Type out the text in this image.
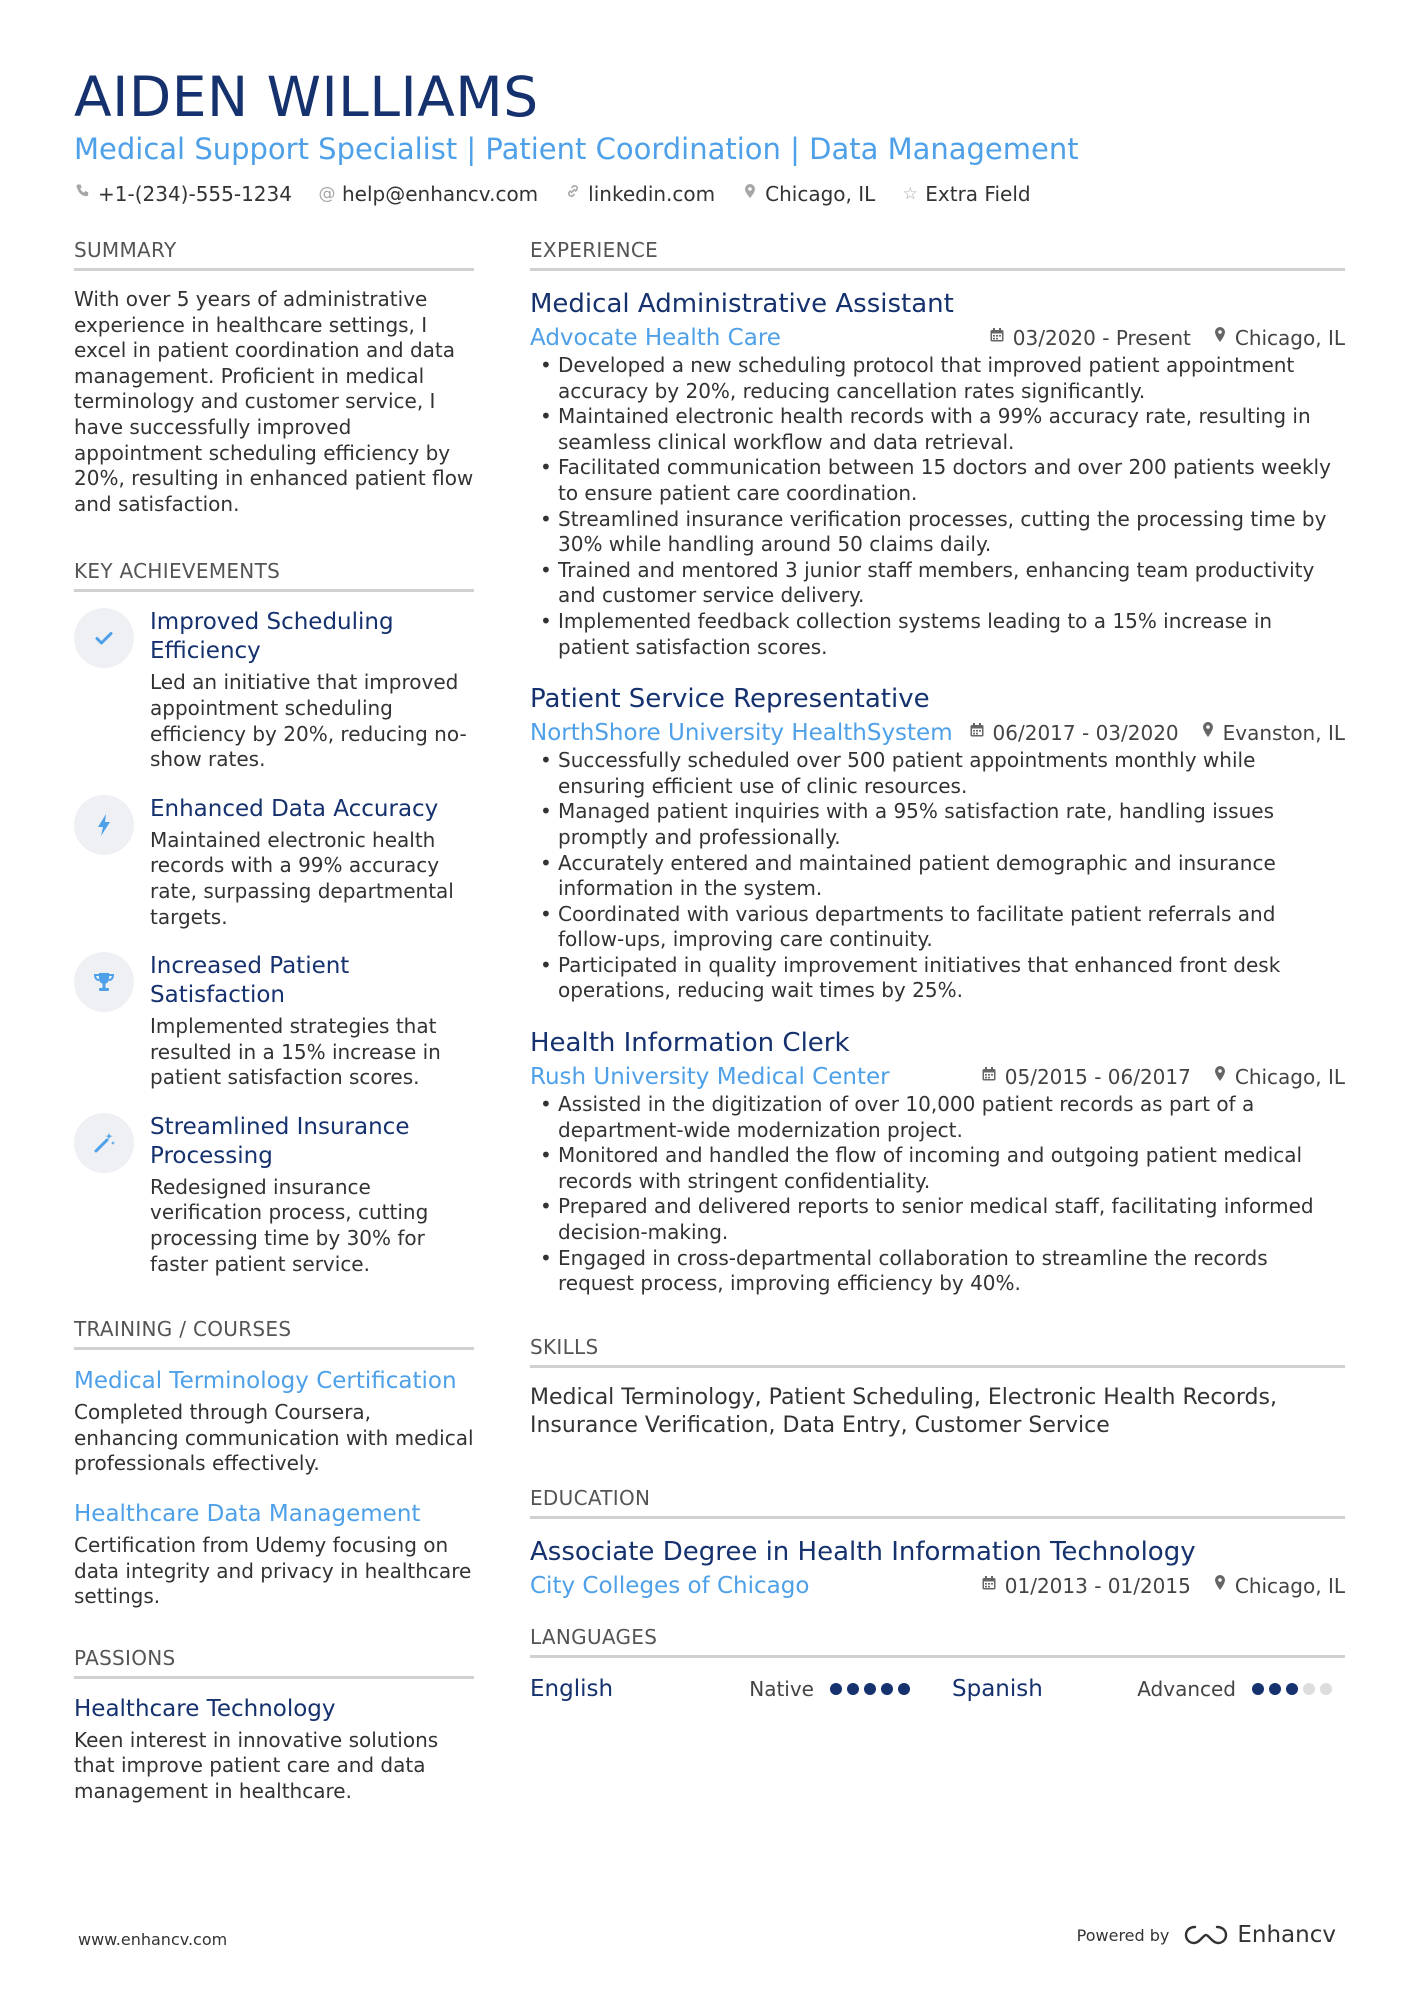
AIDEN WILLIAMS
Medical Support Specialist | Patient Coordination | Data Management
+1-(234)-555-1234 @ help@enhancv.com	linkedin.com	Chicago, IL ☆ Extra Field
SUMMARY
With over 5 years of administrative experience in healthcare settings, I excel in patient coordination and data management. Proficient in medical terminology and customer service, I have successfully improved appointment scheduling efficiency by 20%, resulting in enhanced patient flow and satisfaction.
KEY ACHIEVEMENTS
Improved Scheduling Efficiency
Led an initiative that improved appointment scheduling efficiency by 20%, reducing no-show rates.
Enhanced Data Accuracy
Maintained electronic health records with a 99% accuracy rate, surpassing departmental targets.
Increased Patient Satisfaction
Implemented strategies that resulted in a 15% increase in patient satisfaction scores.
Streamlined Insurance Processing
Redesigned insurance verification process, cutting processing time by 30% for faster patient service.
TRAINING / COURSES
Medical Terminology Certification
Completed through Coursera, enhancing communication with medical professionals effectively.
Healthcare Data Management
Certification from Udemy focusing on data integrity and privacy in healthcare settings.
PASSIONS
Healthcare Technology
Keen interest in innovative solutions that improve patient care and data management in healthcare.
EXPERIENCE
Medical Administrative Assistant
Advocate Health Care	03/2020 - Present Chicago, IL
• Developed a new scheduling protocol that improved patient appointment accuracy by 20%, reducing cancellation rates significantly.
• Maintained electronic health records with a 99% accuracy rate, resulting in seamless clinical workflow and data retrieval.
• Facilitated communication between 15 doctors and over 200 patients weekly to ensure patient care coordination.
• Streamlined insurance verification processes, cutting the processing time by 30% while handling around 50 claims daily.
• Trained and mentored 3 junior staff members, enhancing team productivity and customer service delivery.
• Implemented feedback collection systems leading to a 15% increase in patient satisfaction scores.
Patient Service Representative
NorthShore University HealthSystem 06/2017 - 03/2020 Evanston, IL
• Successfully scheduled over 500 patient appointments monthly while ensuring efficient use of clinic resources.
• Managed patient inquiries with a 95% satisfaction rate, handling issues promptly and professionally.
• Accurately entered and maintained patient demographic and insurance information in the system.
• Coordinated with various departments to facilitate patient referrals and follow-ups, improving care continuity.
• Participated in quality improvement initiatives that enhanced front desk operations, reducing wait times by 25%.
Health Information Clerk
Rush University Medical Center	05/2015 - 06/2017 Chicago, IL
• Assisted in the digitization of over 10,000 patient records as part of a department-wide modernization project.
• Monitored and handled the flow of incoming and outgoing patient medical records with stringent confidentiality.
• Prepared and delivered reports to senior medical staff, facilitating informed decision-making.
• Engaged in cross-departmental collaboration to streamline the records request process, improving efficiency by 40%.
SKILLS
Medical Terminology, Patient Scheduling, Electronic Health Records, Insurance Verification, Data Entry, Customer Service
EDUCATION
Associate Degree in Health Information Technology
City Colleges of Chicago	01/2013 - 01/2015 Chicago, IL
LANGUAGES
English	Native	Spanish	Advanced
www.enhancv.com	Powered by	Enhancv
